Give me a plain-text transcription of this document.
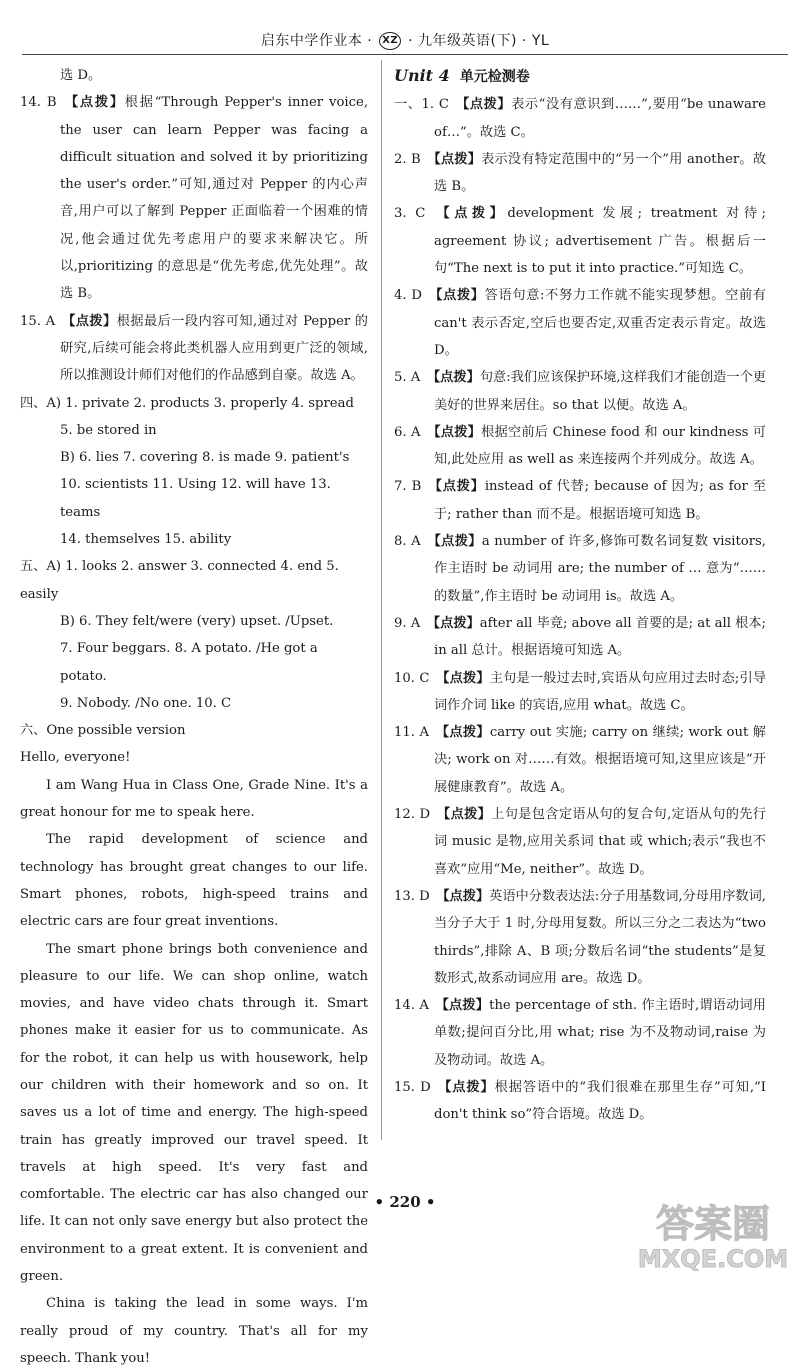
启东中学作业本 · XZ · 九年级英语(下) · YL

选 D。

14. B  【点拨】根据“Through Pepper's inner voice, the user can learn Pepper was facing a difficult situation and solved it by prioritizing the user's order.”可知,通过对 Pepper 的内心声音,用户可以了解到 Pepper 正面临着一个困难的情况,他会通过优先考虑用户的要求来解决它。所以,prioritizing 的意思是“优先考虑,优先处理”。故选 B。

15. A  【点拨】根据最后一段内容可知,通过对 Pepper 的研究,后续可能会将此类机器人应用到更广泛的领域,所以推测设计师们对他们的作品感到自豪。故选 A。

四、A) 1. private 2. products 3. properly 4. spread

5. be stored in

B) 6. lies 7. covering 8. is made 9. patient's

10. scientists 11. Using 12. will have 13. teams

14. themselves 15. ability

五、A) 1. looks 2. answer 3. connected 4. end 5. easily

B) 6. They felt/were (very) upset. /Upset.

7. Four beggars. 8. A potato. /He got a potato.

9. Nobody. /No one. 10. C

六、One possible version

Hello, everyone!

I am Wang Hua in Class One, Grade Nine. It's a great honour for me to speak here.

The rapid development of science and technology has brought great changes to our life. Smart phones, robots, high-speed trains and electric cars are four great inventions.

The smart phone brings both convenience and pleasure to our life. We can shop online, watch movies, and have video chats through it. Smart phones make it easier for us to communicate. As for the robot, it can help us with housework, help our children with their homework and so on. It saves us a lot of time and energy. The high-speed train has greatly improved our travel speed. It travels at high speed. It's very fast and comfortable. The electric car has also changed our life. It can not only save energy but also protect the environment to a great extent. It is convenient and green.

China is taking the lead in some ways. I'm really proud of my country. That's all for my speech. Thank you!

Unit 4 单元检测卷

一、1. C  【点拨】表示“没有意识到……”,要用“be unaware of…”。故选 C。

2. B  【点拨】表示没有特定范围中的“另一个”用 another。故选 B。

3. C  【点拨】development 发展; treatment 对待; agreement 协议; advertisement 广告。根据后一句“The next is to put it into practice.”可知选 C。

4. D  【点拨】答语句意:不努力工作就不能实现梦想。空前有 can't 表示否定,空后也要否定,双重否定表示肯定。故选 D。

5. A  【点拨】句意:我们应该保护环境,这样我们才能创造一个更美好的世界来居住。so that 以便。故选 A。

6. A  【点拨】根据空前后 Chinese food 和 our kindness 可知,此处应用 as well as 来连接两个并列成分。故选 A。

7. B  【点拨】instead of 代替; because of 因为; as for 至于; rather than 而不是。根据语境可知选 B。

8. A  【点拨】a number of 许多,修饰可数名词复数 visitors,作主语时 be 动词用 are; the number of … 意为“……的数量”,作主语时 be 动词用 is。故选 A。

9. A  【点拨】after all 毕竟; above all 首要的是; at all 根本; in all 总计。根据语境可知选 A。

10. C  【点拨】主句是一般过去时,宾语从句应用过去时态;引导词作介词 like 的宾语,应用 what。故选 C。

11. A  【点拨】carry out 实施; carry on 继续; work out 解决; work on 对……有效。根据语境可知,这里应该是“开展健康教育”。故选 A。

12. D  【点拨】上句是包含定语从句的复合句,定语从句的先行词 music 是物,应用关系词 that 或 which;表示“我也不喜欢”应用“Me, neither”。故选 D。

13. D  【点拨】英语中分数表达法:分子用基数词,分母用序数词,当分子大于 1 时,分母用复数。所以三分之二表达为“two thirds”,排除 A、B 项;分数后名词“the students”是复数形式,故系动词应用 are。故选 D。

14. A  【点拨】the percentage of sth. 作主语时,谓语动词用单数;提问百分比,用 what; rise 为不及物动词,raise 为及物动词。故选 A。

15. D  【点拨】根据答语中的“我们很难在那里生存”可知,“I don't think so”符合语境。故选 D。

• 220 •	答案圈
MXQE.COM
